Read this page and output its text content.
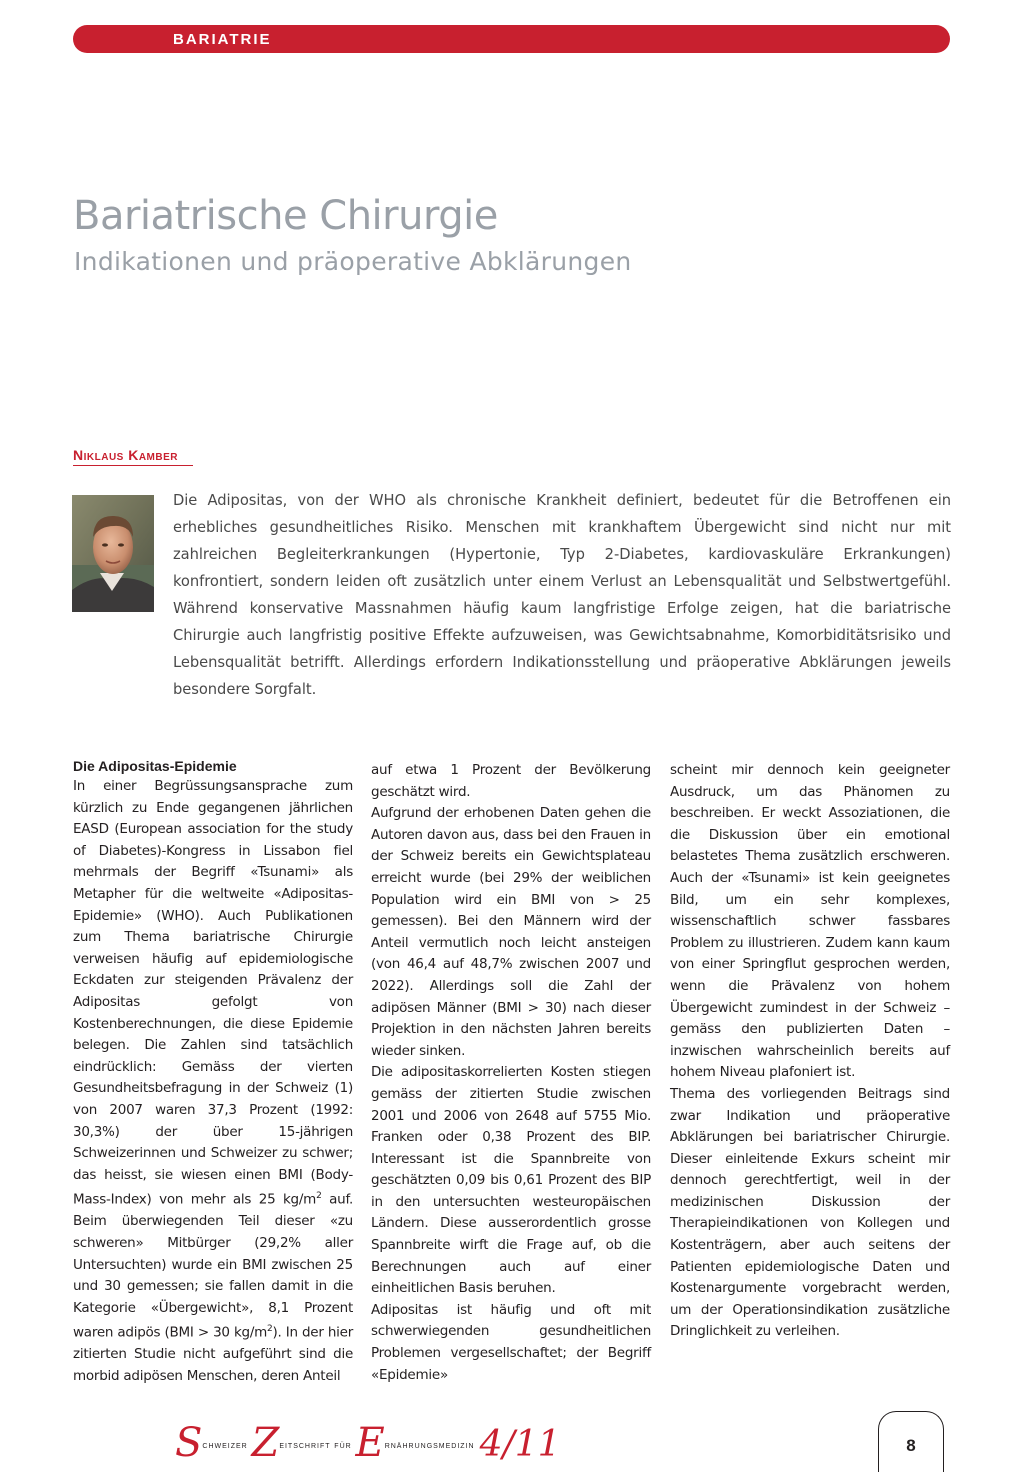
BARIATRIE
Bariatrische Chirurgie
Indikationen und präoperative Abklärungen
Niklaus Kamber

Die Adipositas, von der WHO als chronische Krankheit definiert, bedeutet für die Betroffenen ein erhebliches gesundheitliches Risiko. Menschen mit krankhaftem Übergewicht sind nicht nur mit zahlreichen Begleiterkrankungen (Hypertonie, Typ 2-Diabetes, kardiovaskuläre Erkrankungen) konfrontiert, sondern leiden oft zusätzlich unter einem Verlust an Lebensqualität und Selbstwertgefühl. Während konservative Massnahmen häufig kaum langfristige Erfolge zeigen, hat die bariatrische Chirurgie auch langfristig positive Effekte aufzuweisen, was Gewichtsabnahme, Komorbiditätsrisiko und Lebensqualität betrifft. Allerdings erfordern Indikationsstellung und präoperative Abklärungen jeweils besondere Sorgfalt.

Die Adipositas-Epidemie

In einer Begrüssungsansprache zum kürzlich zu Ende gegangenen jährlichen EASD (European association for the study of Diabetes)-Kongress in Lissabon fiel mehrmals der Begriff «Tsunami» als Metapher für die weltweite «Adipositas-Epidemie» (WHO). Auch Publikationen zum Thema bariatrische Chirurgie verweisen häufig auf epidemiologische Eckdaten zur steigenden Prävalenz der Adipositas gefolgt von Kostenberechnungen, die diese Epidemie belegen. Die Zahlen sind tatsächlich eindrücklich: Gemäss der vierten Gesundheitsbefragung in der Schweiz (1) von 2007 waren 37,3 Prozent (1992: 30,3%) der über 15-jährigen Schweizerinnen und Schweizer zu schwer; das heisst, sie wiesen einen BMI (Body-Mass-Index) von mehr als 25 $kg/m^2$ auf. Beim überwiegenden Teil dieser «zu schweren» Mitbürger (29,2% aller Untersuchten) wurde ein BMI zwischen 25 und 30 gemessen; sie fallen damit in die Kategorie «Übergewicht», 8,1 Prozent waren adipös (BMI > 30 $kg/m^2$). In der hier zitierten Studie nicht aufgeführt sind die morbid adipösen Menschen, deren Anteil

auf etwa 1 Prozent der Bevölkerung geschätzt wird.

Aufgrund der erhobenen Daten gehen die Autoren davon aus, dass bei den Frauen in der Schweiz bereits ein Gewichtsplateau erreicht wurde (bei 29% der weiblichen Population wird ein BMI von > 25 gemessen). Bei den Männern wird der Anteil vermutlich noch leicht ansteigen (von 46,4 auf 48,7% zwischen 2007 und 2022). Allerdings soll die Zahl der adipösen Männer (BMI > 30) nach dieser Projektion in den nächsten Jahren bereits wieder sinken.

Die adipositaskorrelierten Kosten stiegen gemäss der zitierten Studie zwischen 2001 und 2006 von 2648 auf 5755 Mio. Franken oder 0,38 Prozent des BIP. Interessant ist die Spannbreite von geschätzten 0,09 bis 0,61 Prozent des BIP in den untersuchten westeuropäischen Ländern. Diese ausserordentlich grosse Spannbreite wirft die Frage auf, ob die Berechnungen auch auf einer einheitlichen Basis beruhen.

Adipositas ist häufig und oft mit schwerwiegenden gesundheitlichen Problemen vergesellschaftet; der Begriff «Epidemie»

scheint mir dennoch kein geeigneter Ausdruck, um das Phänomen zu beschreiben. Er weckt Assoziationen, die die Diskussion über ein emotional belastetes Thema zusätzlich erschweren. Auch der «Tsunami» ist kein geeignetes Bild, um ein sehr komplexes, wissenschaftlich schwer fassbares Problem zu illustrieren. Zudem kann kaum von einer Springflut gesprochen werden, wenn die Prävalenz von hohem Übergewicht zumindest in der Schweiz – gemäss den publizierten Daten – inzwischen wahrscheinlich bereits auf hohem Niveau plafoniert ist.

Thema des vorliegenden Beitrags sind zwar Indikation und präoperative Abklärungen bei bariatrischer Chirurgie. Dieser einleitende Exkurs scheint mir dennoch gerechtfertigt, weil in der medizinischen Diskussion der Therapieindikationen von Kollegen und Kostenträgern, aber auch seitens der Patienten epidemiologische Daten und Kostenargumente vorgebracht werden, um der Operationsindikation zusätzliche Dringlichkeit zu verleihen.

$S^{chweizer}$ $Z^{eitschrift für}$ $E^{rnährungsmedizin}$ 4/11	8
